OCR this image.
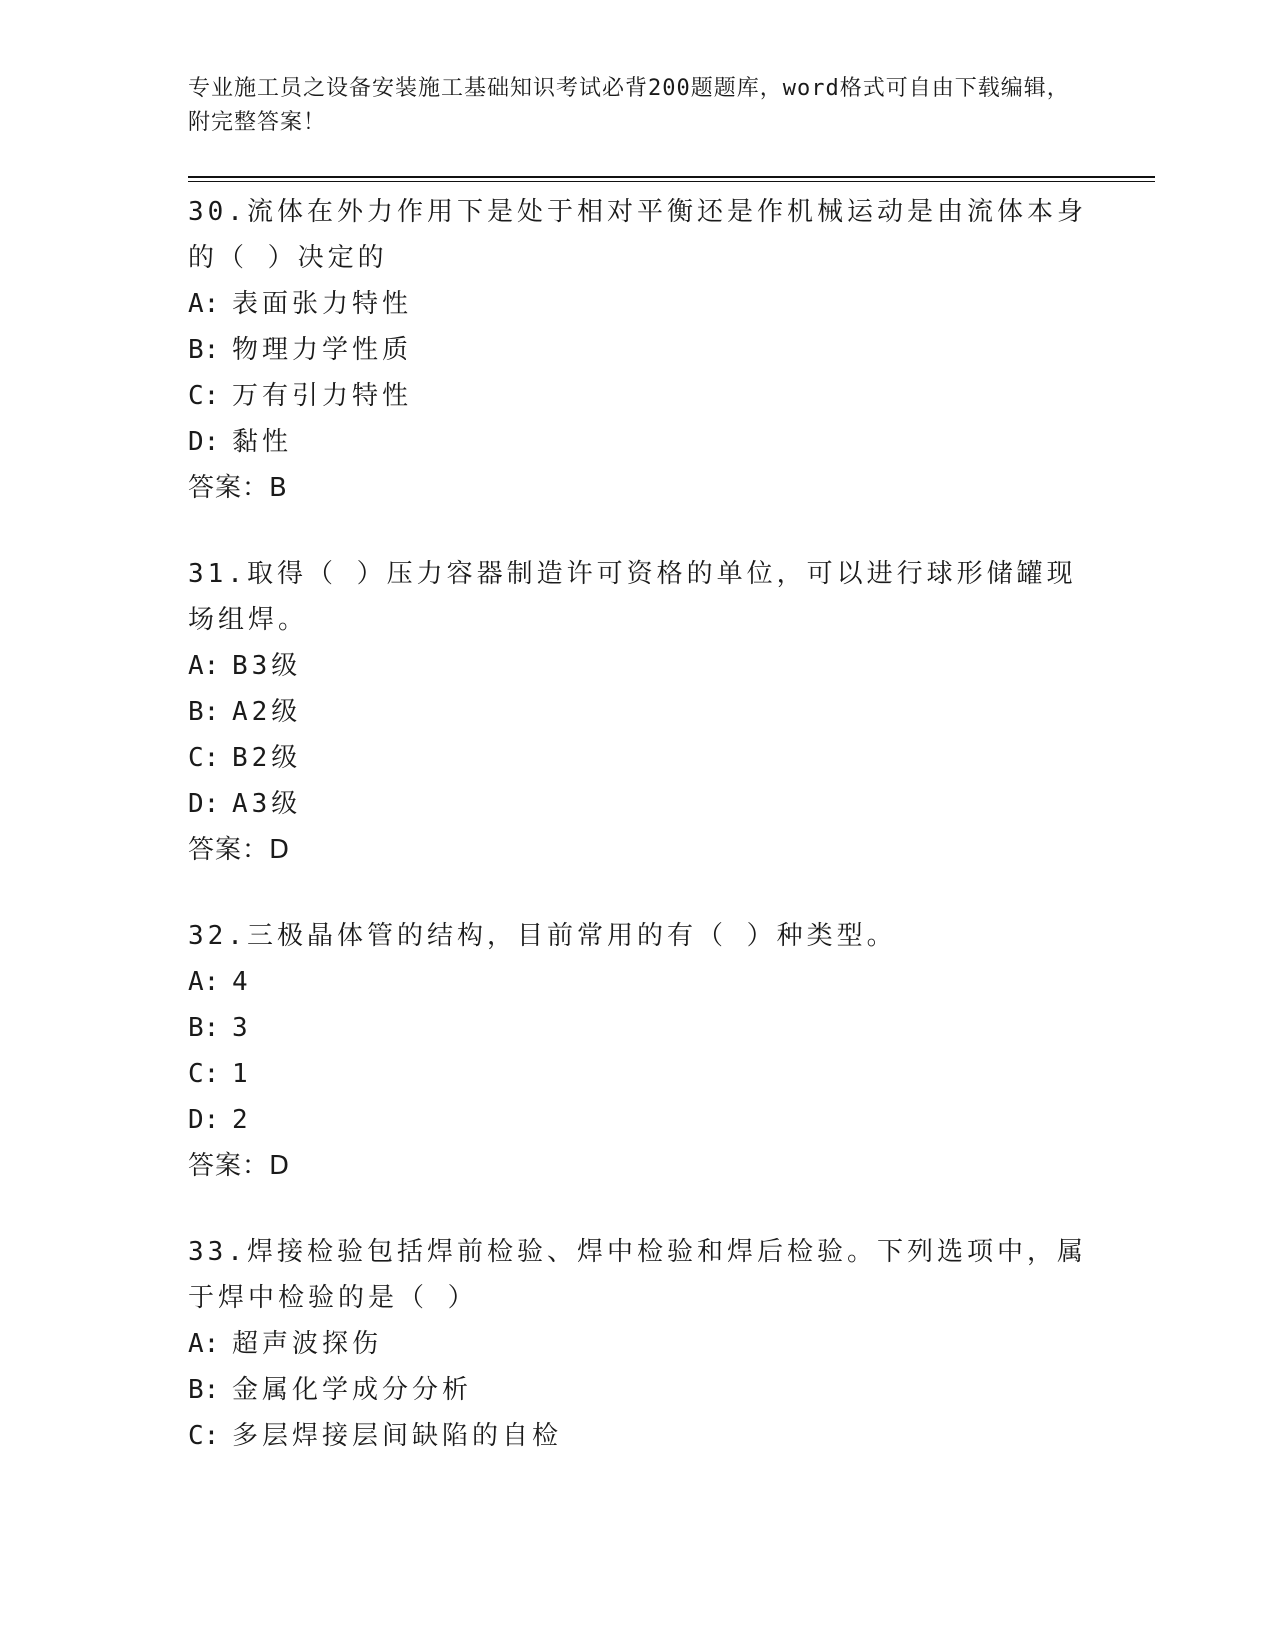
专业施工员之设备安装施工基础知识考试必背200题题库，word格式可自由下载编辑，附完整答案！

30.流体在外力作用下是处于相对平衡还是作机械运动是由流体本身的（ ）决定的

A: 表面张力特性

B: 物理力学性质

C: 万有引力特性

D: 黏性

答案：B

31.取得（ ）压力容器制造许可资格的单位，可以进行球形储罐现场组焊。

A: B3级

B: A2级

C: B2级

D: A3级

答案：D

32.三极晶体管的结构，目前常用的有（ ）种类型。

A: 4

B: 3

C: 1

D: 2

答案：D

33.焊接检验包括焊前检验、焊中检验和焊后检验。下列选项中，属于焊中检验的是（ ）

A: 超声波探伤

B: 金属化学成分分析

C: 多层焊接层间缺陷的自检
